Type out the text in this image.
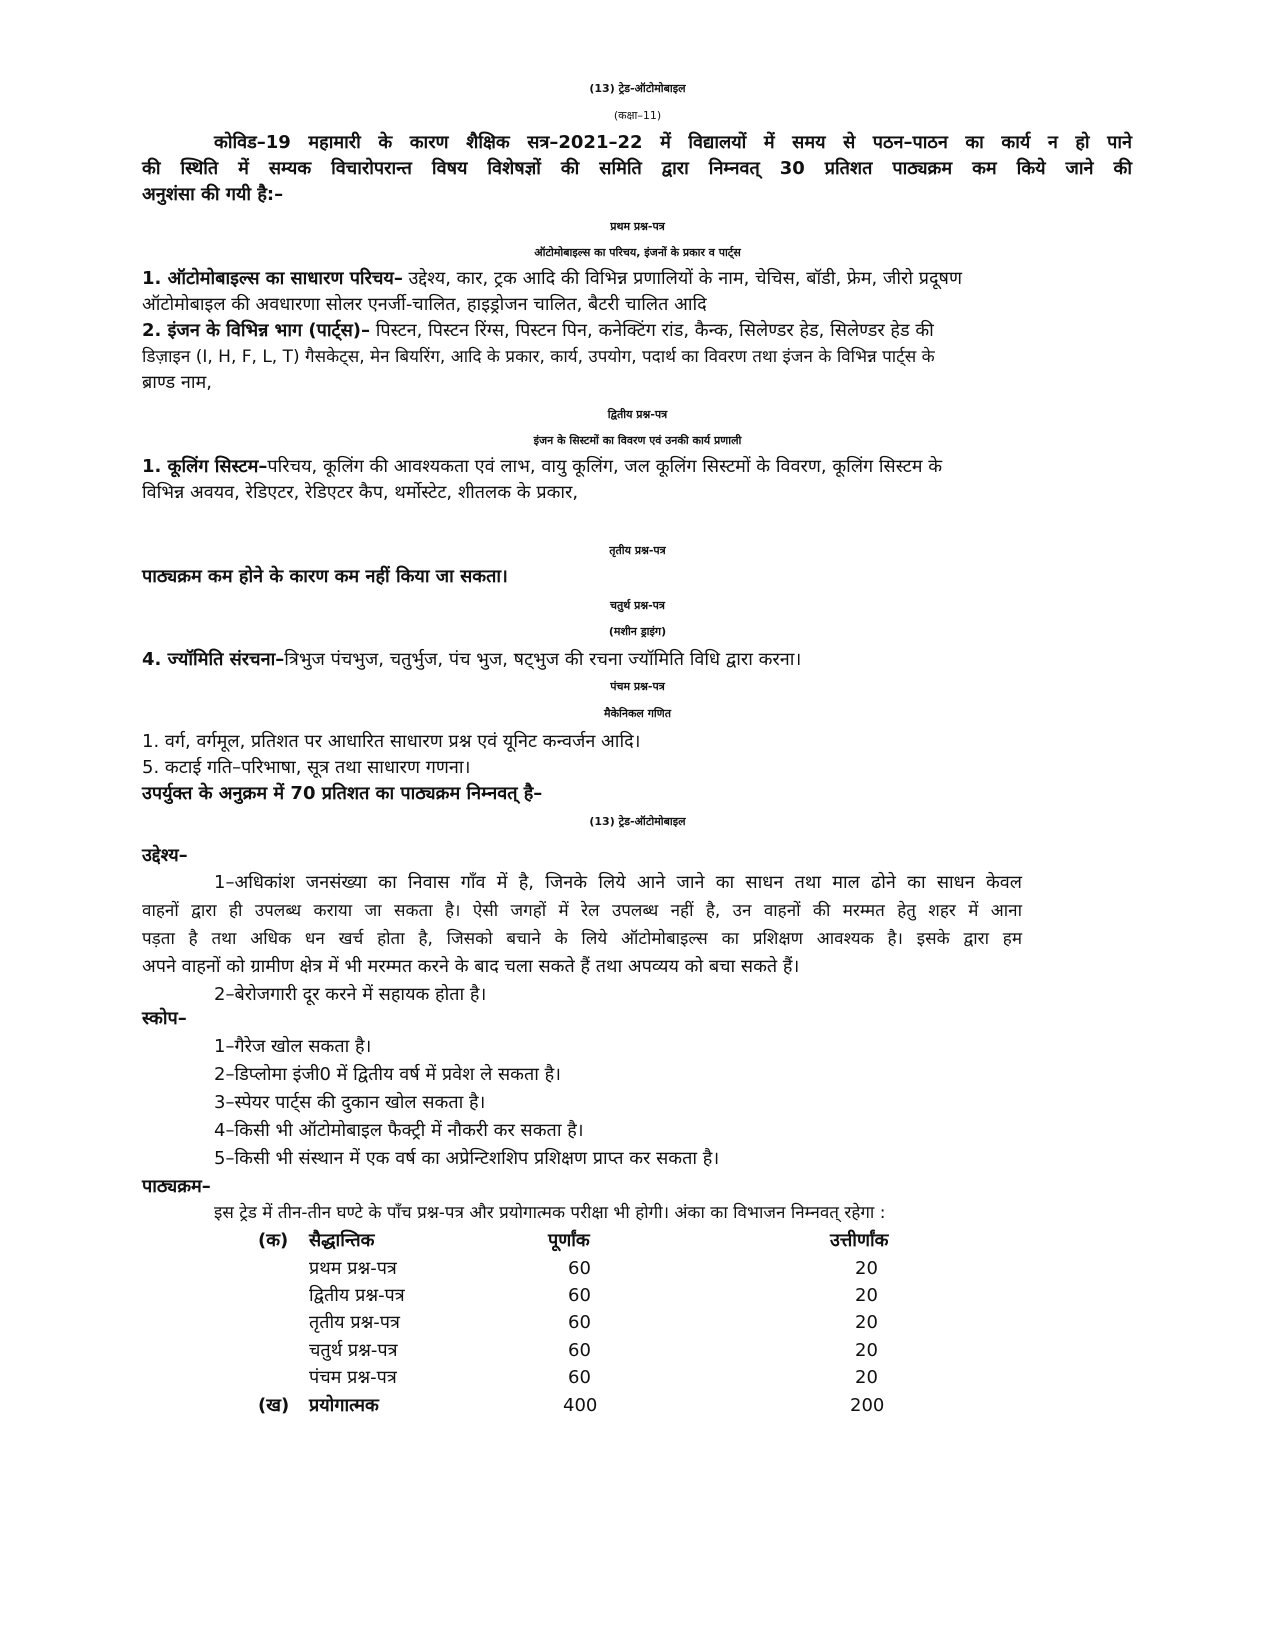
(13) ट्रेड-ऑटोमोबाइल
(कक्षा–11)
कोविड–19 महामारी के कारण शैक्षिक सत्र–2021–22 में विद्यालयों में समय से पठन–पाठन का कार्य न हो पाने
की स्थिति में सम्यक विचारोपरान्त विषय विशेषज्ञों की समिति द्वारा निम्नवत् 30 प्रतिशत पाठ्यक्रम कम किये जाने की
अनुशंसा की गयी है:–
प्रथम प्रश्न-पत्र
ऑटोमोबाइल्स का परिचय, इंजनों के प्रकार व पार्ट्स
1. ऑटोमोबाइल्स का साधारण परिचय– उद्देश्य, कार, ट्रक आदि की विभिन्न प्रणालियों के नाम, चेचिस, बॉडी, फ्रेम, जीरो प्रदूषण
ऑटोमोबाइल की अवधारणा सोलर एनर्जी-चालित, हाइड्रोजन चालित, बैटरी चालित आदि
2. इंजन के विभिन्न भाग (पार्ट्स)– पिस्टन, पिस्टन रिंग्स, पिस्टन पिन, कनेक्टिंग रांड, कैन्क, सिलेण्डर हेड, सिलेण्डर हेड की
डिज़ाइन (I, H, F, L, T) गैसकेट्स, मेन बियरिंग, आदि के प्रकार, कार्य, उपयोग, पदार्थ का विवरण तथा इंजन के विभिन्न पार्ट्स के
ब्राण्ड नाम,
द्वितीय प्रश्न-पत्र
इंजन के सिस्टमों का विवरण एवं उनकी कार्य प्रणाली
1. कूलिंग सिस्टम–परिचय, कूलिंग की आवश्यकता एवं लाभ, वायु कूलिंग, जल कूलिंग सिस्टमों के विवरण, कूलिंग सिस्टम के
विभिन्न अवयव, रेडिएटर, रेडिएटर कैप, थर्मोस्टेट, शीतलक के प्रकार,
तृतीय प्रश्न-पत्र
पाठ्यक्रम कम होने के कारण कम नहीं किया जा सकता।
चतुर्थ प्रश्न-पत्र
(मशीन ड्राइंग)
4. ज्यॉमिति संरचना–त्रिभुज पंचभुज, चतुर्भुज, पंच भुज, षट्भुज की रचना ज्यॉमिति विधि द्वारा करना।
पंचम प्रश्न-पत्र
मैकेनिकल गणित
1. वर्ग, वर्गमूल, प्रतिशत पर आधारित साधारण प्रश्न एवं यूनिट कन्वर्जन आदि।
5. कटाई गति–परिभाषा, सूत्र तथा साधारण गणना।
उपर्युक्त के अनुक्रम में 70 प्रतिशत का पाठ्यक्रम निम्नवत् है–
(13) ट्रेड-ऑटोमोबाइल
उद्देश्य–
1–अधिकांश जनसंख्या का निवास गाँव में है, जिनके लिये आने जाने का साधन तथा माल ढोने का साधन केवल
वाहनों द्वारा ही उपलब्ध कराया जा सकता है। ऐसी जगहों में रेल उपलब्ध नहीं है, उन वाहनों की मरम्मत हेतु शहर में आना
पड़ता है तथा अधिक धन खर्च होता है, जिसको बचाने के लिये ऑटोमोबाइल्स का प्रशिक्षण आवश्यक है। इसके द्वारा हम
अपने वाहनों को ग्रामीण क्षेत्र में भी मरम्मत करने के बाद चला सकते हैं तथा अपव्यय को बचा सकते हैं।
2–बेरोजगारी दूर करने में सहायक होता है।
स्कोप–
1–गैरेज खोल सकता है।
2–डिप्लोमा इंजी0 में द्वितीय वर्ष में प्रवेश ले सकता है।
3–स्पेयर पार्ट्स की दुकान खोल सकता है।
4–किसी भी ऑटोमोबाइल फैक्ट्री में नौकरी कर सकता है।
5–किसी भी संस्थान में एक वर्ष का अप्रेन्टिशशिप प्रशिक्षण प्राप्त कर सकता है।
पाठ्यक्रम–
इस ट्रेड में तीन-तीन घण्टे के पाँच प्रश्न-पत्र और प्रयोगात्मक परीक्षा भी होगी। अंका का विभाजन निम्नवत् रहेगा :
(क) सैद्धान्तिक	पूर्णांक	उत्तीर्णांक
प्रथम प्रश्न-पत्र	60	20
द्वितीय प्रश्न-पत्र	60	20
तृतीय प्रश्न-पत्र	60	20
चतुर्थ प्रश्न-पत्र	60	20
पंचम प्रश्न-पत्र	60	20
(ख) प्रयोगात्मक	400	200
